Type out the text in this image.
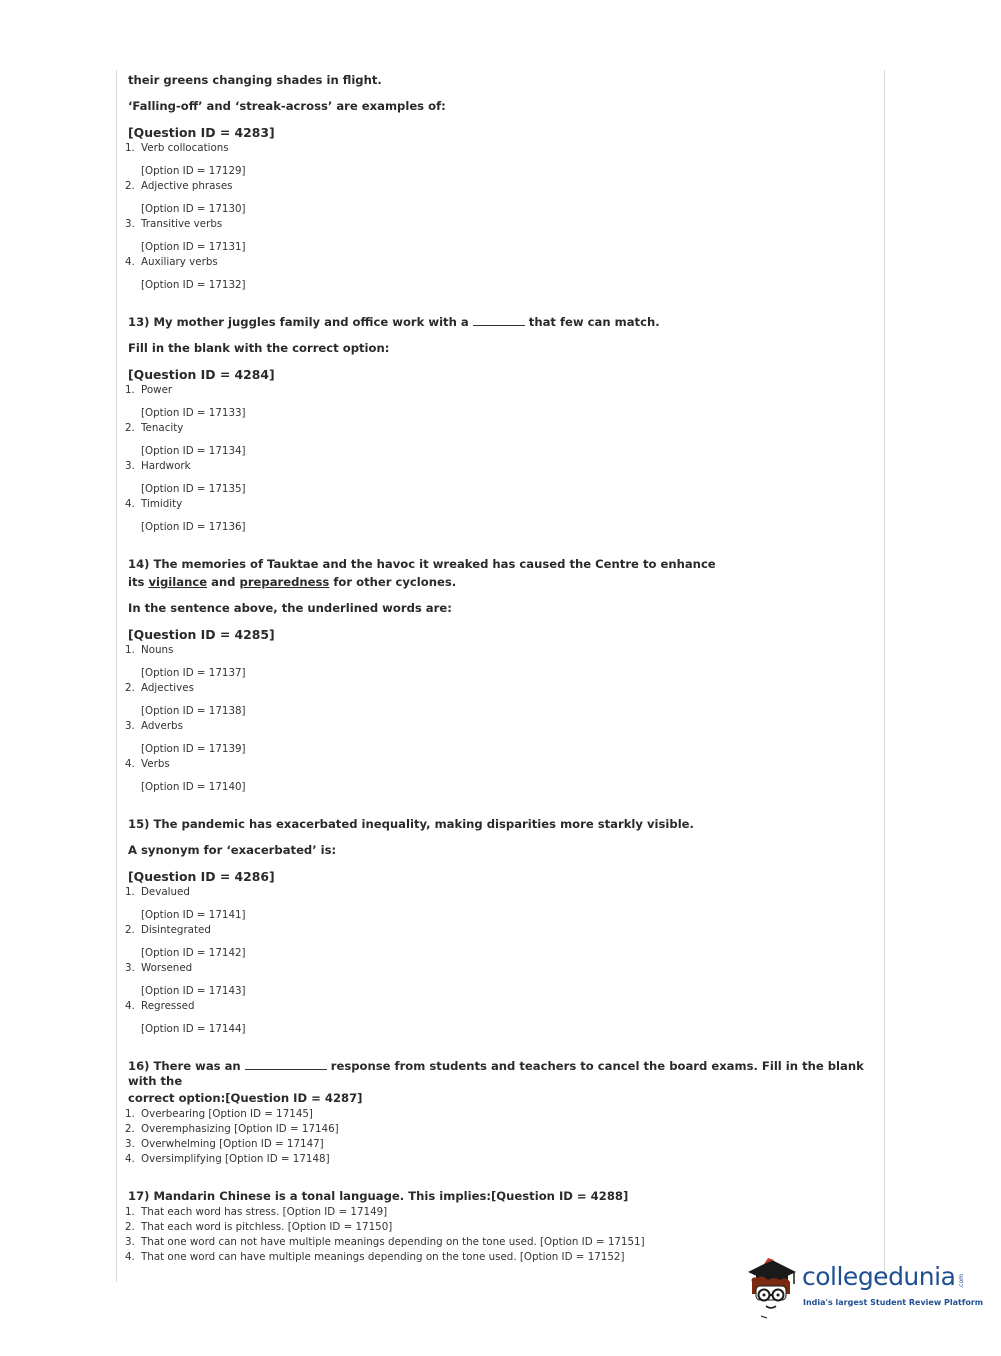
their greens changing shades in flight.
‘Falling-off’ and ‘streak-across’ are examples of:
[Question ID = 4283]
1. Verb collocations
[Option ID = 17129]
2. Adjective phrases
[Option ID = 17130]
3. Transitive verbs
[Option ID = 17131]
4. Auxiliary verbs
[Option ID = 17132]
13) My mother juggles family and office work with a	that few can match.
Fill in the blank with the correct option:
[Question ID = 4284]
1. Power
[Option ID = 17133]
2. Tenacity
[Option ID = 17134]
3. Hardwork
[Option ID = 17135]
4. Timidity
[Option ID = 17136]
14) The memories of Tauktae and the havoc it wreaked has caused the Centre to enhance
its vigilance and preparedness for other cyclones.
In the sentence above, the underlined words are:
[Question ID = 4285]
1. Nouns
[Option ID = 17137]
2. Adjectives
[Option ID = 17138]
3. Adverbs
[Option ID = 17139]
4. Verbs
[Option ID = 17140]
15) The pandemic has exacerbated inequality, making disparities more starkly visible.
A synonym for ‘exacerbated’ is:
[Question ID = 4286]
1. Devalued
[Option ID = 17141]
2. Disintegrated
[Option ID = 17142]
3. Worsened
[Option ID = 17143]
4. Regressed
[Option ID = 17144]
16) There was an	response from students and teachers to cancel the board exams. Fill in the blank with the
correct option:[Question ID = 4287]
1. Overbearing [Option ID = 17145]
2. Overemphasizing [Option ID = 17146]
3. Overwhelming [Option ID = 17147]
4. Oversimplifying [Option ID = 17148]
17) Mandarin Chinese is a tonal language. This implies:[Question ID = 4288]
1. That each word has stress. [Option ID = 17149]
2. That each word is pitchless. [Option ID = 17150]
3. That one word can not have multiple meanings depending on the tone used. [Option ID = 17151]
4. That one word can have multiple meanings depending on the tone used. [Option ID = 17152]
collegedunia .com
India's largest Student Review Platform
